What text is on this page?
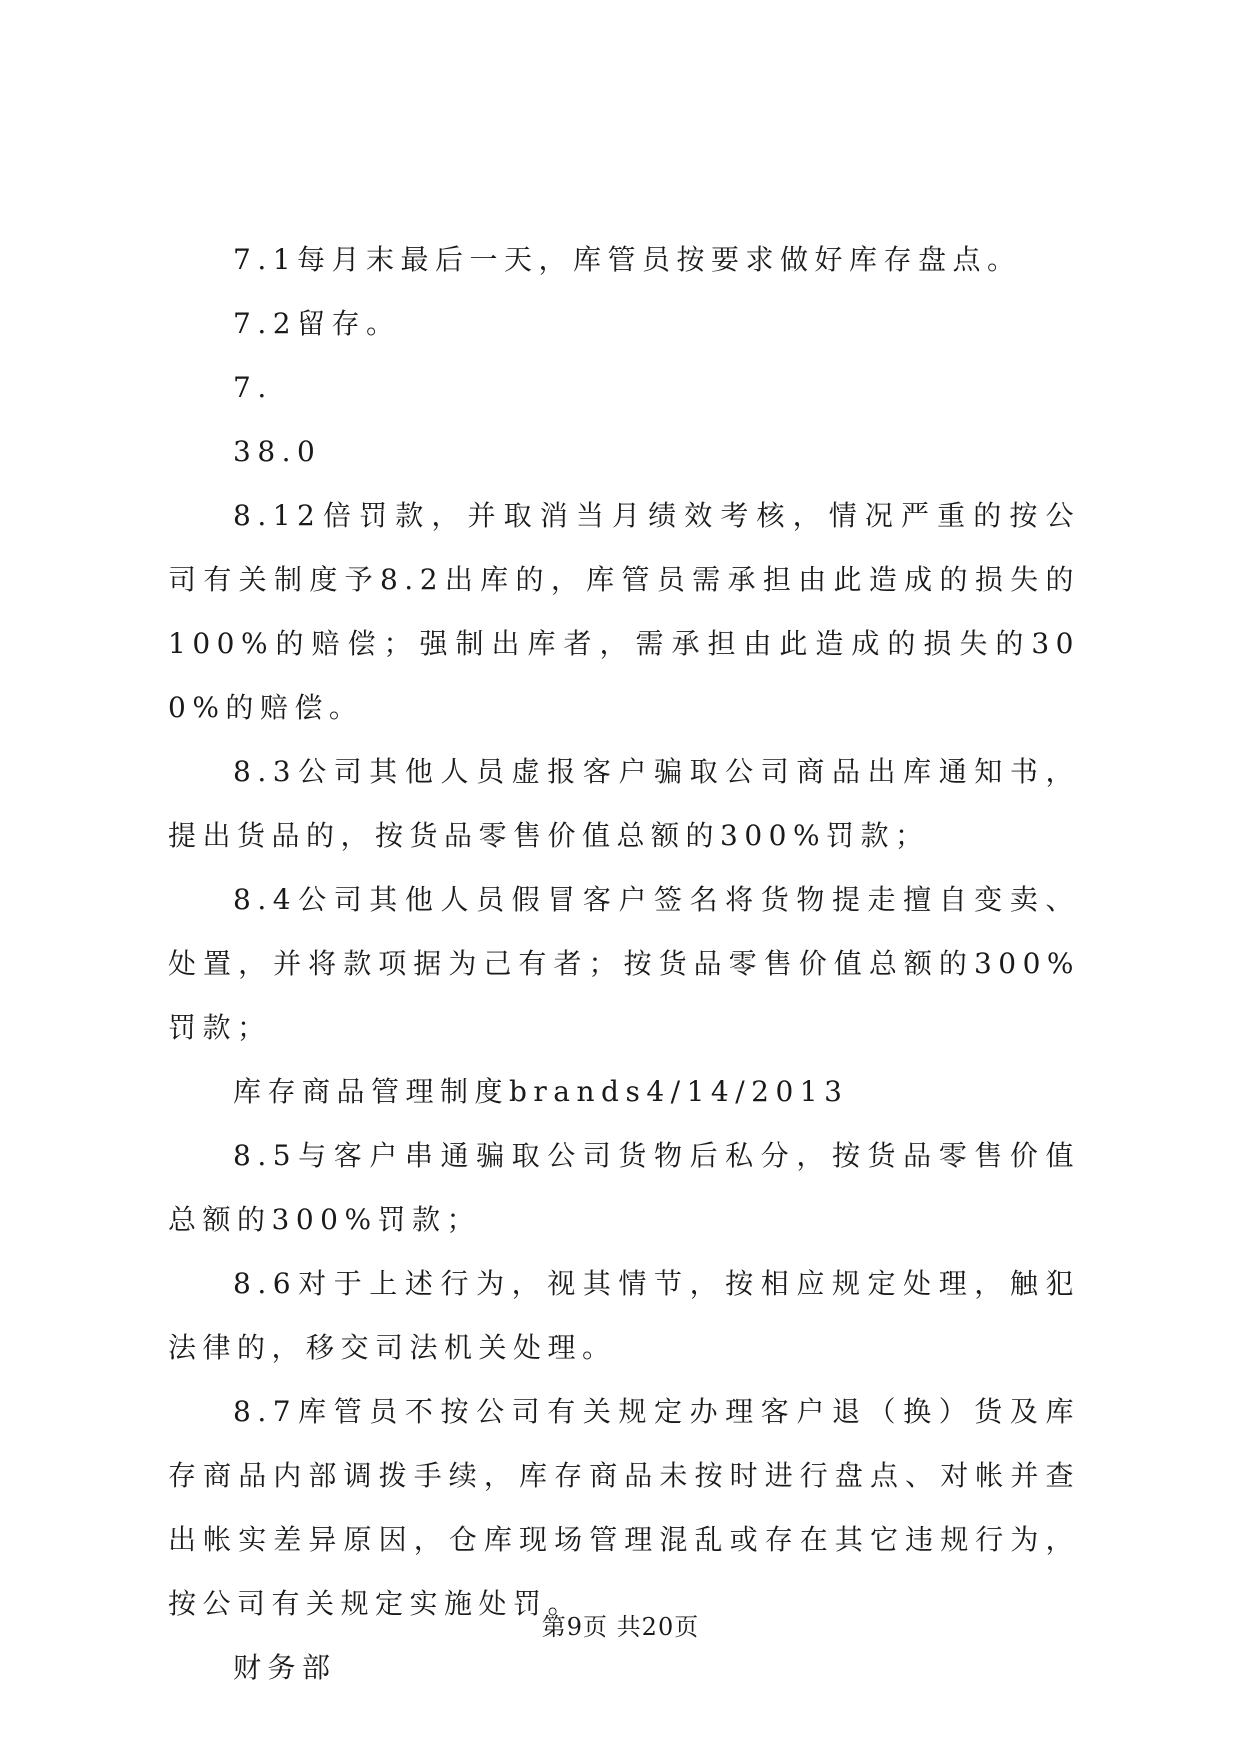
7.1每月末最后一天，库管员按要求做好库存盘点。

7.2留存。

7.

38.0

8.12倍罚款，并取消当月绩效考核，情况严重的按公司有关制度予8.2出库的，库管员需承担由此造成的损失的100%的赔偿；强制出库者，需承担由此造成的损失的300%的赔偿。

8.3公司其他人员虚报客户骗取公司商品出库通知书，提出货品的，按货品零售价值总额的300%罚款；

8.4公司其他人员假冒客户签名将货物提走擅自变卖、处置，并将款项据为己有者；按货品零售价值总额的300%罚款；

库存商品管理制度brands4/14/2013

8.5与客户串通骗取公司货物后私分，按货品零售价值总额的300%罚款；

8.6对于上述行为，视其情节，按相应规定处理，触犯法律的，移交司法机关处理。

8.7库管员不按公司有关规定办理客户退（换）货及库存商品内部调拨手续，库存商品未按时进行盘点、对帐并查出帐实差异原因，仓库现场管理混乱或存在其它违规行为，按公司有关规定实施处罚。

财务部

第9页 共20页
